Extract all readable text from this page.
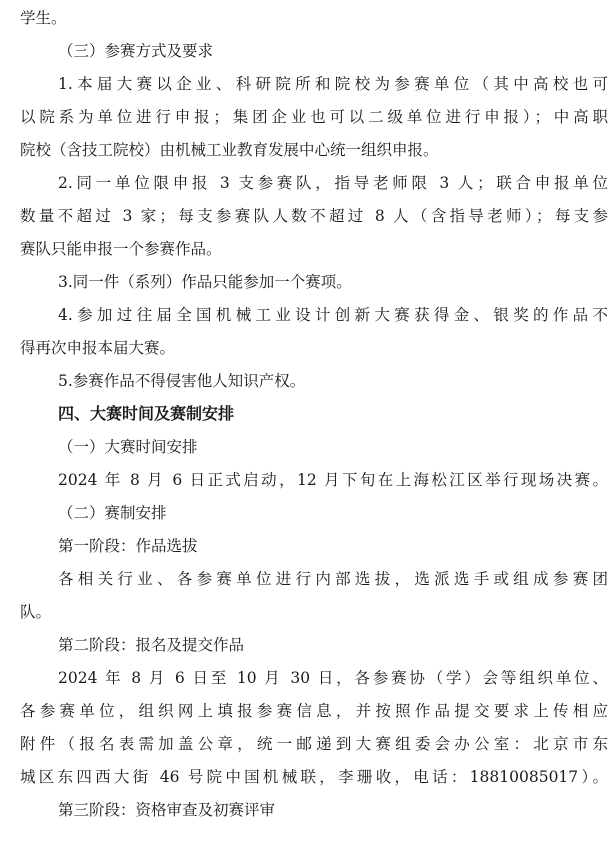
学生。
（三）参赛方式及要求
1.本届大赛以企业、科研院所和院校为参赛单位（其中高校也可
以院系为单位进行申报；集团企业也可以二级单位进行申报）；中高职
院校（含技工院校）由机械工业教育发展中心统一组织申报。
2.同一单位限申报 3 支参赛队，指导老师限 3 人；联合申报单位
数量不超过 3 家；每支参赛队人数不超过 8 人（含指导老师）；每支参
赛队只能申报一个参赛作品。
3.同一件（系列）作品只能参加一个赛项。
4.参加过往届全国机械工业设计创新大赛获得金、银奖的作品不
得再次申报本届大赛。
5.参赛作品不得侵害他人知识产权。
四、大赛时间及赛制安排
（一）大赛时间安排
2024 年 8 月 6 日正式启动，12 月下旬在上海松江区举行现场决赛。
（二）赛制安排
第一阶段：作品选拔
各相关行业、各参赛单位进行内部选拔，选派选手或组成参赛团
队。
第二阶段：报名及提交作品
2024 年 8 月 6 日至 10 月 30 日，各参赛协（学）会等组织单位、
各参赛单位，组织网上填报参赛信息，并按照作品提交要求上传相应
附件（报名表需加盖公章，统一邮递到大赛组委会办公室：北京市东
城区东四西大街 46 号院中国机械联，李珊收，电话：18810085017）。
第三阶段：资格审查及初赛评审
